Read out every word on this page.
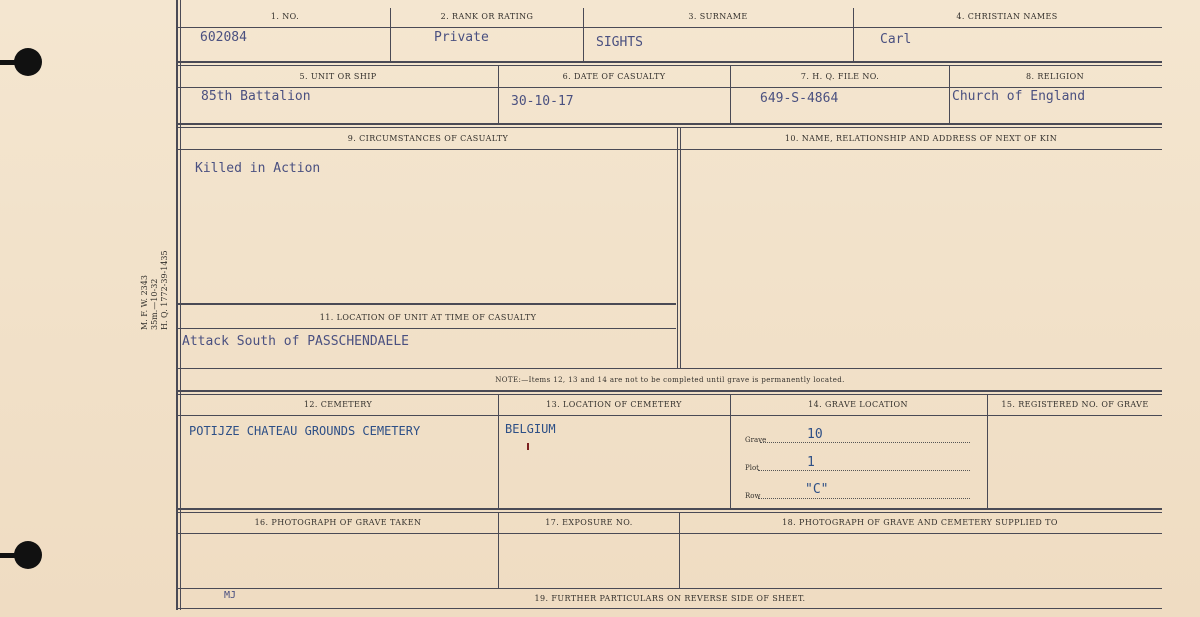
M. F. W. 2343 35m.—10-32 H. Q. 1772-39-1435
1. NO.	2. RANK OR RATING	3. SURNAME	4. CHRISTIAN NAMES
602084	Private	SIGHTS	Carl
5. UNIT OR SHIP	6. DATE OF CASUALTY	7. H. Q. FILE NO.	8. RELIGION
85th Battalion	30-10-17	649-S-4864	Church of England
9. CIRCUMSTANCES OF CASUALTY	10. NAME, RELATIONSHIP AND ADDRESS OF NEXT OF KIN
Killed in Action
11. LOCATION OF UNIT AT TIME OF CASUALTY
Attack South of PASSCHENDAELE
NOTE:—Items 12, 13 and 14 are not to be completed until grave is permanently located.
12. CEMETERY	13. LOCATION OF CEMETERY	14. GRAVE LOCATION	15. REGISTERED NO. OF GRAVE
POTIJZE CHATEAU GROUNDS CEMETERY	BELGIUM
Grave	10
Plot	1
Row	"C"
16. PHOTOGRAPH OF GRAVE TAKEN	17. EXPOSURE NO.	18. PHOTOGRAPH OF GRAVE AND CEMETERY SUPPLIED TO
MJ	19. FURTHER PARTICULARS ON REVERSE SIDE OF SHEET.
